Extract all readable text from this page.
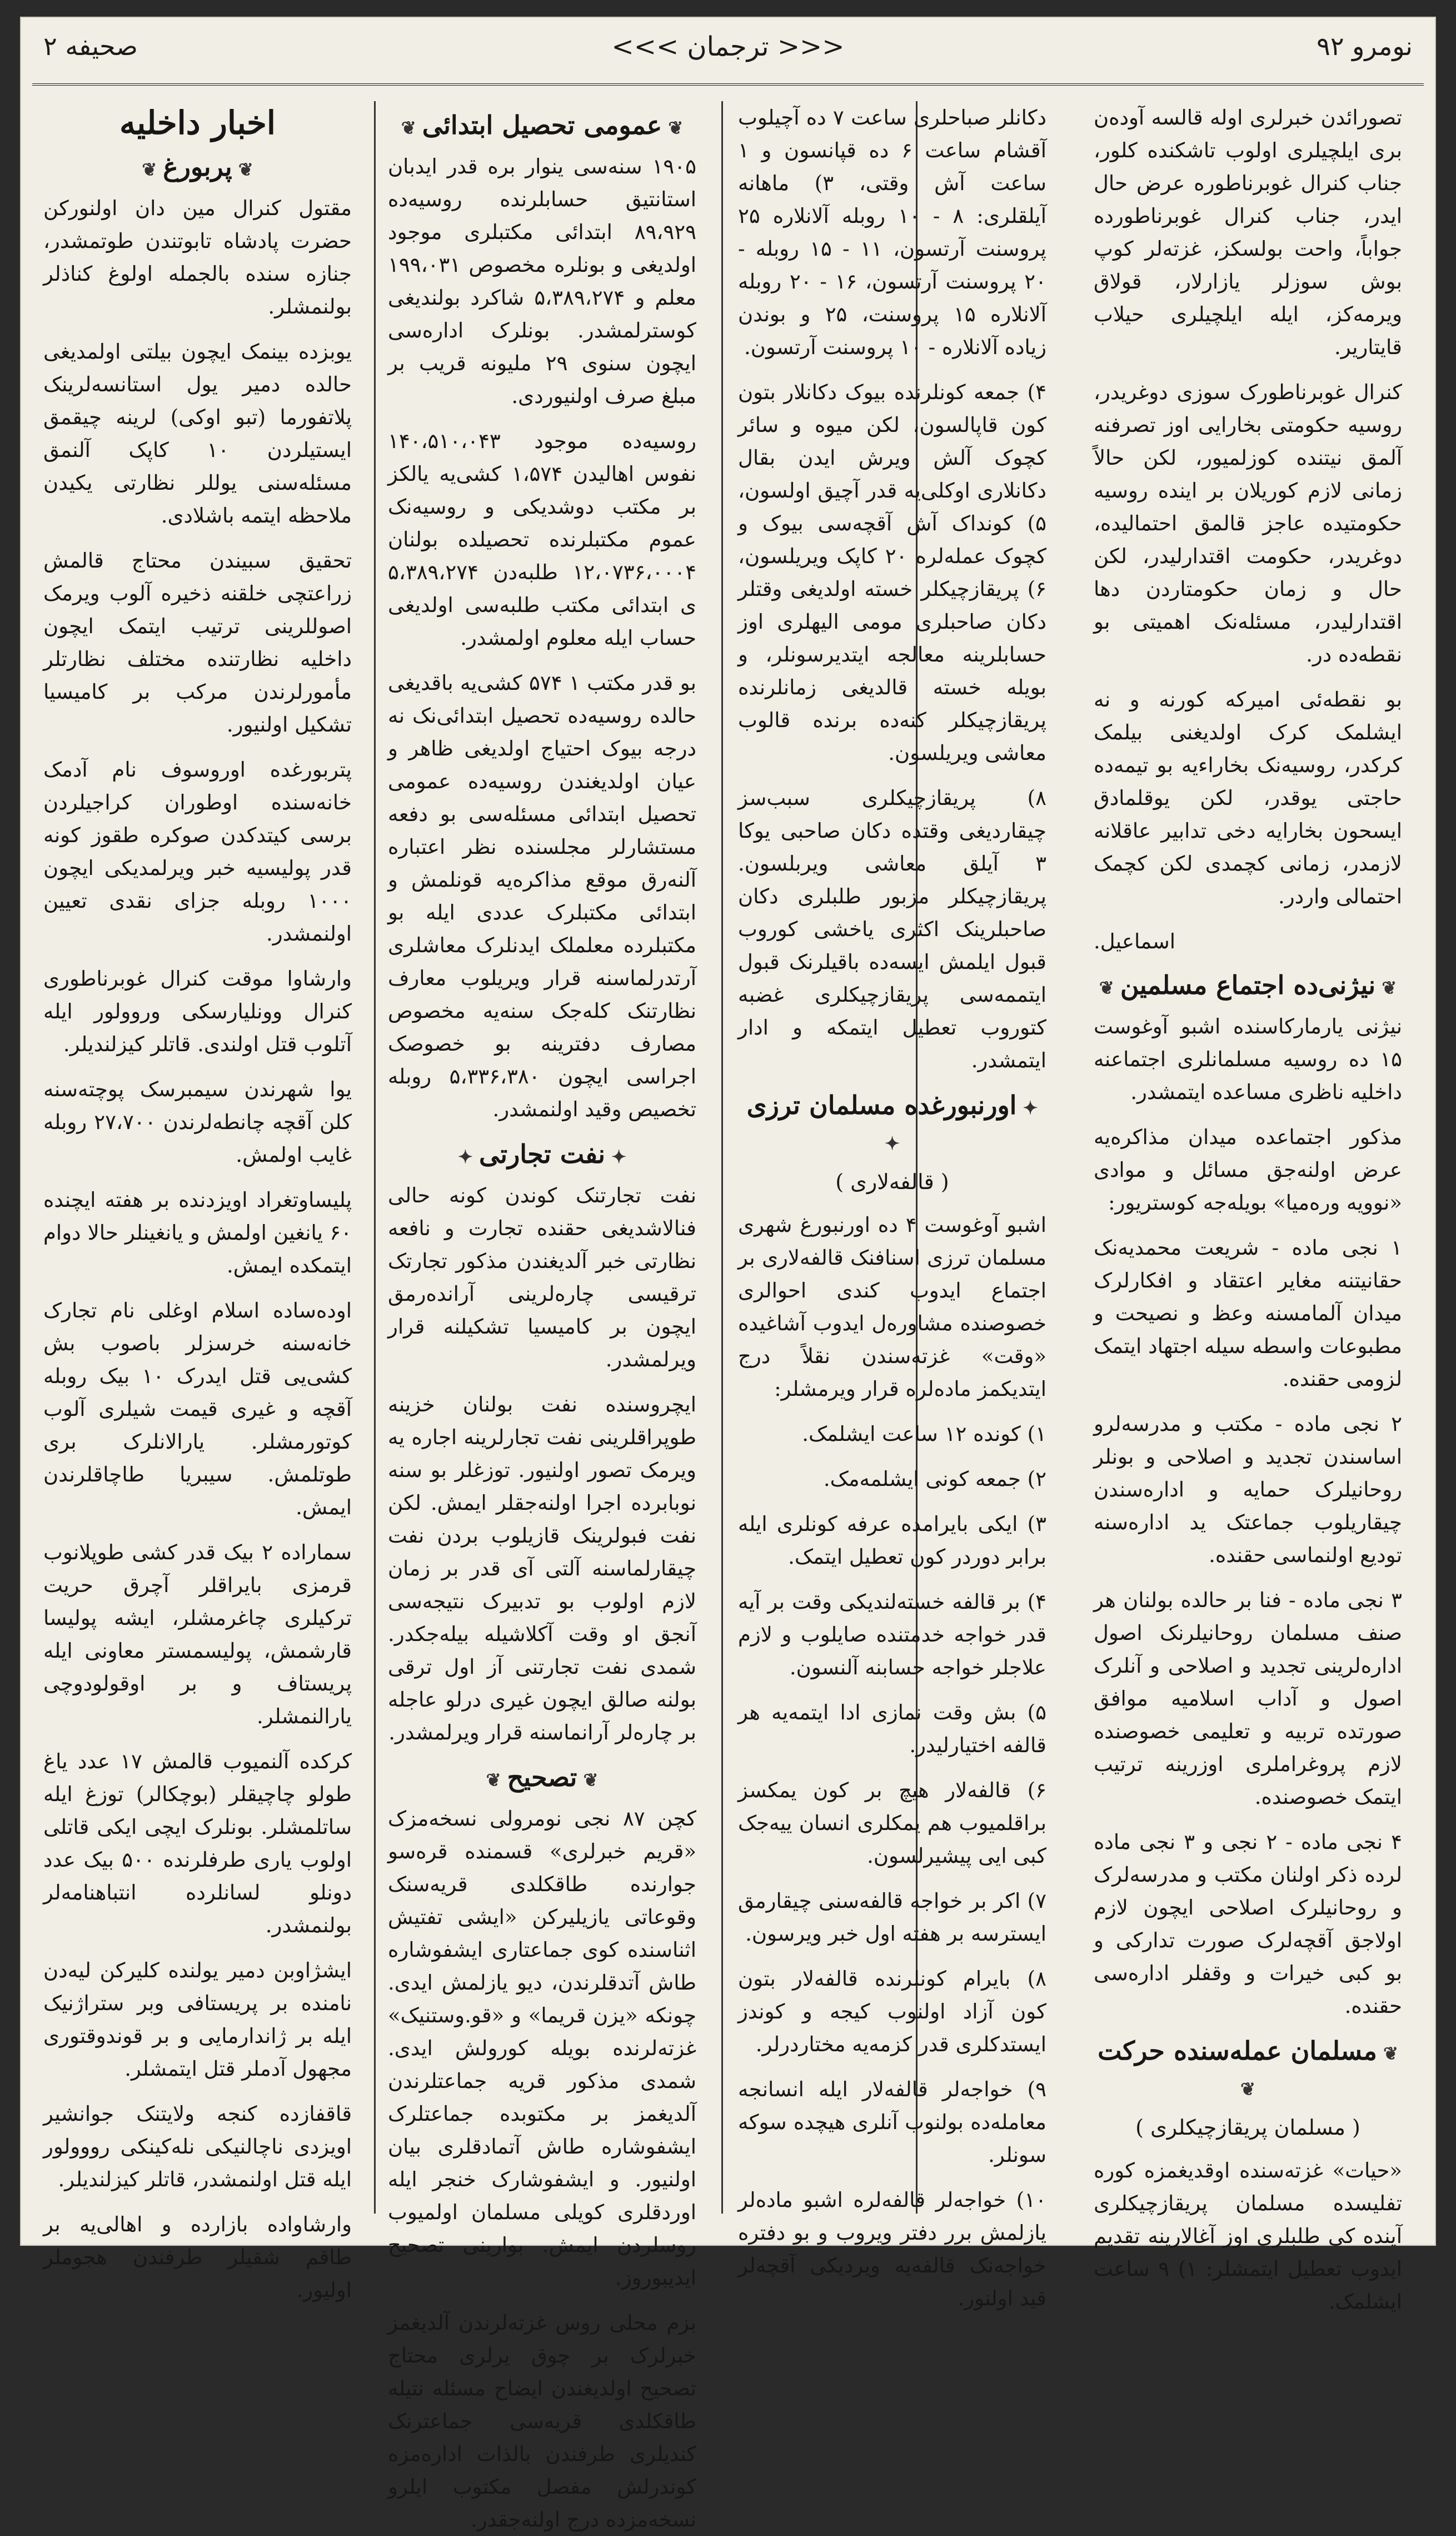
صحیفه ۲	<<< ترجمان >>>	نومرو ۹۲

تصورائدن خبرلری اوله قالسه آوده‌ن بری ایلچیلری اولوب تاشکنده کلور، جناب کنرال غوبرناطوره عرض حال ایدر، جناب کنرال غوبرناطورده جواباً، واحت بولسکز، غزته‌لر کوپ بوش سوزلر یازارلار، قولاق ویرمه‌کز، ایله ایلچیلری حیلاب قایتاریر.

کنرال غوبرناطورک سوزی دوغریدر، روسیه حکومتی بخارایی اوز تصرفنه آلمق نیتنده کوزلمیور، لکن حالاً زمانی لازم کوریلان بر اینده روسیه حکومتیده عاجز قالمق احتمالیده، دوغریدر، حکومت اقتدارلیدر، لکن حال و زمان حکومتاردن دها اقتدارلیدر، مسئله‌نک اهمیتی بو نقطه‌ده در.

بو نقطه‌ئی امیرکه کورنه و نه ایشلمک کرک اولدیغنی بیلمک کرکدر، روسیه‌نک بخاراءیه بو تیمه‌ده حاجتی یوقدر، لکن یوقلمادق ایسحون بخارایه دخی تدابیر عاقلانه لازمدر، زمانی کچمدی لکن کچمک احتمالی واردر.

اسماعیل.
❦ نیژنی‌ده اجتماع مسلمین ❦

نیژنی یارمارکاسنده اشبو آوغوست ۱۵ ده روسیه مسلمانلری اجتماعنه داخلیه ناظری مساعده ایتمشدر.

مذکور اجتماعده میدان مذاکره‌یه عرض اولنه‌جق مسائل و موادی «نوو‌یه وره‌میا» بویله‌جه کوستریور:

۱ نجی ماده - شریعت محمدیه‌نک حقانیتنه مغایر اعتقاد و افکارلرک میدان آلمامسنه وعظ و نصیحت و مطبوعات واسطه سیله اجتهاد ایتمک لزومی حقنده.

۲ نجی ماده - مکتب و مدرسه‌لرو اساسندن تجدید و اصلاحی و بونلر روحانیلرک حمایه و اداره‌سندن چیقاریلوب جماعتک ید اداره‌سنه تودیع اولنماسی حقنده.

۳ نجی ماده - فنا بر حالده بولنان هر صنف مسلمان روحانیلرنک اصول اداره‌لرینی تجدید و اصلاحی و آنلرک اصول و آداب اسلامیه موافق صورتده تربیه و تعلیمی خصوصنده لازم پروغراملری اوزرینه ترتیب ایتمک خصوصنده.

۴ نجی ماده - ۲ نجی و ۳ نجی ماده لرده ذکر اولنان مکتب و مدرسه‌لرک و روحانیلرک اصلاحی ایچون لازم اولاجق آقچه‌لرک صورت تداركی و بو کبی خیرات و وقفلر اداره‌سی حقنده.

❦ مسلمان عمله‌سنده حرکت ❦
( مسلمان پریقازچیکلری )

«حیات» غزته‌سنده اوقدیغمزه کوره تفلیسده مسلمان پریقازچیکلری آینده کی طلبلری اوز آغالارینه تقدیم ایدوب تعطیل ایتمشلر: ۱) ۹ ساعت ایشلمک.

دکانلر صباحلری ساعت ۷ ده آچیلوب آقشام ساعت ۶ ده قپانسون و ۱ ساعت آش وقتی، ۳) ماهانه آیلقلری: ۸ - ۱۰ روبله آلانلاره ۲۵ پروسنت آرتسون، ۱۱ - ۱۵ روبله - ۲۰ پروسنت آرتسون، ۱۶ - ۲۰ روبله آلانلاره ۱۵ پروسنت، ۲۵ و بوندن زیاده آلانلاره - ۱۰ پروسنت آرتسون.

۴) جمعه کونلرنده بیوک دکانلار بتون کون قاپالسون، لکن میوه و سائر کچوک آلش ویرش ایدن بقال دکانلاری اوکلی‌یه قدر آچیق اولسون، ۵) کونداک آش آقچه‌سی بیوک و کچوک عمله‌لره ۲۰ کاپک ویریلسون، ۶) پریقازچیکلر خسته اولدیغی وقتلر دکان صاحبلری مومی الیهلری اوز حسابلرینه معالجه ایتدیرسونلر، و بویله خسته قالدیغی زمانلرنده پریقازچیکلر کنه‌ده برنده قالوب معاشی ویریلسون.

۸) پریقازچیکلری سبب‌سز چیقاردیغی وقتده دکان صاحبی یوکا ۳ آیلق معاشی ویربلسون. پریقازچیکلر مزبور طلبلری دکان صاحبلرینک اکثری یاخشی کوروب قبول ایلمش ایسه‌ده باقیلرنک قبول ایتممه‌سی پریقازچیکلری غضبه کتوروب تعطیل ایتمکه و ادار ایتمشدر.

✦ اورنبورغده مسلمان ترزی ✦
( قالفه‌لاری )

اشبو آوغوست ۴ ده اورنبورغ شهری مسلمان ترزی اسنافنک قالفه‌لاری بر اجتماع ایدوب کندی احوالری خصوصنده مشاوره‌ل ایدوب آشاغیده «وقت» غزته‌سندن نقلاً درج ایتدیکمز ماده‌لره قرار ویرمشلر:

۱) کونده ۱۲ ساعت ایشلمک.

۲) جمعه کونی ایشلمه‌مک.

۳) ایکی بایرامده عرفه کونلری ایله برابر دوردر کون تعطیل ایتمک.

۴) بر قالفه خسته‌لندیکی وقت بر آیه قدر خواجه خدمتنده صایلوب و لازم علاجلر خواجه حسابنه آلنسون.

۵) بش وقت نمازی ادا ایتمه‌یه هر قالفه اختیارلیدر.

۶) قالفه‌لار هیچ بر کون یمکسز براقلمیوب هم یمکلری انسان ییه‌جک کبی ایی پیشیرلسون.

۷) اکر بر خواجه قالفه‌سنی چیقارمق ایسترسه بر هفته اول خبر ویرسون.

۸) بایرام کونلرنده قالفه‌لار بتون کون آزاد اولنوب کیجه و کوندز ایستدکلری قدر کزمه‌یه مختاردرلر.

۹) خواجه‌لر قالفه‌لار ایله انسانجه معامله‌ده بولنوب آنلری هیچده سوکه سونلر.

۱۰) خواجه‌لر قالفه‌لره اشبو ماده‌لر یازلمش برر دفتر ویروب و بو دفتره خواجه‌نک قالفه‌یه ویردیکی آقچه‌لر قید اولنور.

❦ عمومی تحصیل ابتدائی ❦

۱۹۰۵ سنه‌سی ینوار بره قدر ایدبان استانتیق حسابلرنده روسیه‌ده ۸۹،۹۲۹ ابتدائی مکتبلری موجود اولدیغی و بونلره مخصوص ۱۹۹،۰۳۱ معلم و ۵،۳۸۹،۲۷۴ شاکرد بولندیغی کوسترلمشدر. بونلرک اداره‌سی ایچون سنوی ۲۹ ملیونه قریب بر مبلغ صرف اولنیوردی.

روسیه‌ده موجود ۱۴۰،۵۱۰،۰۴۳ نفوس اهالیدن ۱،۵۷۴ کشی‌یه یالکز بر مکتب دوشدیکی و روسیه‌نک عموم مکتبلرنده تحصیلده بولنان ۱۲،۰۷۳۶،۰۰۰۴ طلبه‌دن ۵،۳۸۹،۲۷۴ ی ابتدائی مکتب طلبه‌سی اولدیغی حساب ایله معلوم اولمشدر.

بو قدر مکتب ۱ ۵۷۴ کشی‌یه باقدیغی حالده روسیه‌ده تحصیل ابتدائی‌نک نه درجه بیوک احتیاج اولدیغی ظاهر و عیان اولدیغندن روسیه‌ده عمومی تحصیل ابتدائی مسئله‌سی بو دفعه مستشارلر مجلسنده نظر اعتباره آلنه‌رق موقع مذاکره‌یه قونلمش و ابتدائی مکتبلرک عددی ایله بو مکتبلرده معلملک ایدنلرک معاشلری آرتدرلماسنه قرار ویریلوب معارف نظارتنک کله‌جک سنه‌یه مخصوص مصارف دفترینه بو خصوصک اجراسی ایچون ۵،۳۳۶،۳۸۰ روبله تخصیص وقید اولنمشدر.

✦ نفت تجارتی ✦

نفت تجارتنک کوندن کونه حالی فنالاشدیغی حقنده تجارت و نافعه نظارتی خبر آلدیغندن مذکور تجارتک ترقیسی چاره‌لرینی آرانده‌رمق ایچون بر کامیسیا تشکیلنه قرار ویرلمشدر.

ایچروسنده نفت بولنان خزینه طوپراقلرینی نفت تجارلرینه اجاره یه ویرمک تصور اولنیور. توزغلر بو سنه نوبابرده اجرا اولنه‌جقلر ایمش. لکن نفت فبولرینک قازیلوب بردن نفت چیقارلماسنه آلتی آی قدر بر زمان لازم اولوب بو تدبیرک نتیجه‌سی آنجق او وقت آکلاشیله بیله‌جکدر. شمدی نفت تجارتنی آز اول ترقی بولنه صالق ایچون غیری درلو عاجله بر چاره‌لر آرانماسنه قرار ویرلمشدر.

❦ تصحیح ❦

کچن ۸۷ نجی نومرولی نسخه‌مزک «قریم خبرلری» قسمنده قره‌سو جوارنده طاقکلدی قریه‌سنک وقوعاتی یازیلیرکن «ایشی تفتیش اثناسنده کوی جماعتاری ایشفوشاره طاش آتدقلرندن، دیو یازلمش ایدی. چونکه «یزن قریما» و «قو.وستنیک» غزته‌لرنده بویله کورولش ایدی. شمدی مذکور قریه جماعتلرندن آلدیغمز بر مکتوبده جماعتلرک ایشفوشاره طاش آتمادقلری بیان اولنیور. و ایشفوشارک خنجر ایله اوردقلری کویلی مسلمان اولمیوب روسلردن ایمش. بوارینی تصحیح ایدیبوروز.

بزم محلی روس غزته‌لرندن آلدیغمز خبرلرک بر چوق یرلری محتاج تصحیح اولدیغندن ایضاح مسئله نتیله طاقکلدی قریه‌سی جماعترنک کندیلری طرفندن بالذات اداره‌مزه کوندرلش مفصل مکتوب ایلرو نسخه‌مزده درج اولنه‌جقدر.

اخبار داخلیه
❦ پربورغ ❦

مقتول کنرال مین دان اولنورکن حضرت پادشاه تابوتندن طوتمشدر، جنازه سنده بالجمله اولوغ کناذلر بولنمشلر.

یوبزده بینمک ایچون بیلتی اولمدیغی حالده دمیر یول استانسه‌لرینک پلاتفورما (تبو اوکی) لرینه چیقمق ایستیلردن ۱۰ کاپک آلنمق مسئله‌سنی یوللر نظارتی یکیدن ملاحظه ایتمه باشلادی.

تحقیق سبیندن محتاج قالمش زراعتچی خلقنه ذخیره آلوب ویرمک اصوللرینی ترتیب ایتمک ایچون داخلیه نظارتنده مختلف نظارتلر مأمورلرندن مرکب بر کامیسیا تشکیل اولنیور.

پتربورغده اوروسوف نام آدمک خانه‌سنده اوطوران کراجیلردن برسی کیتدکدن صوکره طقوز کونه قدر پولیسیه خبر ویرلمدیکی ایچون ۱۰۰۰ روبله جزای نقدی تعیین اولنمشدر.

وارشاوا موقت کنرال غوبرناطوری کنرال وونلیارسکی وروولور ایله آتلوب قتل اولندی. قاتلر کیزلندیلر.

یوا شهرندن سیمبرسک پوچته‌سنه کلن آقچه چانطه‌لرندن ۲۷،۷۰۰ روبله غایب اولمش.

پلیساوتغراد اویزدنده بر هفته ایچنده ۶۰ یانغین اولمش و یانغینلر حالا دوام ایتمکده ایمش.

اوده‌ساده اسلام اوغلی نام تجارک خانه‌سنه خرسزلر باصوب بش کشی‌یی قتل ایدرک ۱۰ بیک روبله آقچه و غیری قیمت شیلری آلوب کوتورمشلر. یارالانلرک بری طوتلمش. سیبریا طاچاقلرندن ایمش.

سماراده ۲ بیک قدر کشی طوپلانوب قرمزی بایراقلر آچرق حریت ترکیلری چاغرمشلر، ایشه پولیسا قارشمش، پولیسمستر معاونی ایله پریستاف و بر اوقولودوچی یارالنمشلر.

کرکده آلنمیوب قالمش ۱۷ عدد یاغ طولو چاچیقلر (بوچکالر) توزغ ایله ساتلمشلر. بونلرک ایچی ایکی قاتلی اولوب یاری طرفلرنده ۵۰۰ بیک عدد دونلو لسانلرده انتباهنامه‌لر بولنمشدر.

ایشژاوبن دمیر یولنده کلیرکن لیه‌دن نامنده بر پریستافی وبر ستراژنیک ایله بر ژاندارمایی و بر قوندوقتوری مجهول آدملر قتل ایتمشلر.

قاقفازده کنجه ولایتنک جوانشیر اویزدی ناچالنیکی نله‌کینکی رووولور ایله قتل اولنمشدر، قاتلر کیزلندیلر.

وارشاواده بازارده و اهالی‌یه بر طاقم شقیلر طرفندن هجوملر اولیور.
